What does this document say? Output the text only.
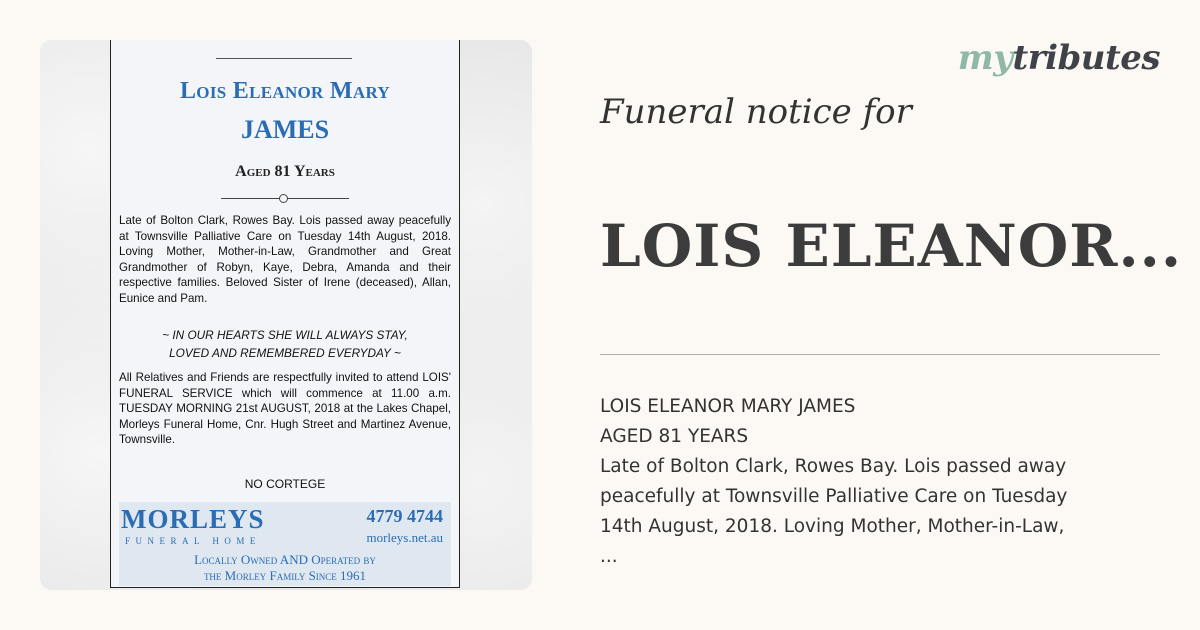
Lois Eleanor Mary
JAMES
Aged 81 Years
Late of Bolton Clark, Rowes Bay. Lois passed away peacefully at Townsville Palliative Care on Tuesday 14th August, 2018. Loving Mother, Mother-in-Law, Grandmother and Great Grandmother of Robyn, Kaye, Debra, Amanda and their respective families. Beloved Sister of Irene (deceased), Allan, Eunice and Pam.
~ IN OUR HEARTS SHE WILL ALWAYS STAY,
LOVED AND REMEMBERED EVERYDAY ~
All Relatives and Friends are respectfully invited to attend LOIS' FUNERAL SERVICE which will commence at 11.00 a.m. TUESDAY MORNING 21st AUGUST, 2018 at the Lakes Chapel, Morleys Funeral Home, Cnr. Hugh Street and Martinez Avenue, Townsville.
NO CORTEGE
MORLEYS
FUNERAL HOME
4779 4744
morleys.net.au
Locally Owned AND Operated by
the Morley Family Since 1961
mytributes
Funeral notice for
LOIS ELEANOR...
LOIS ELEANOR MARY JAMES
AGED 81 YEARS
Late of Bolton Clark, Rowes Bay. Lois passed away
peacefully at Townsville Palliative Care on Tuesday
14th August, 2018. Loving Mother, Mother-in-Law,
...
